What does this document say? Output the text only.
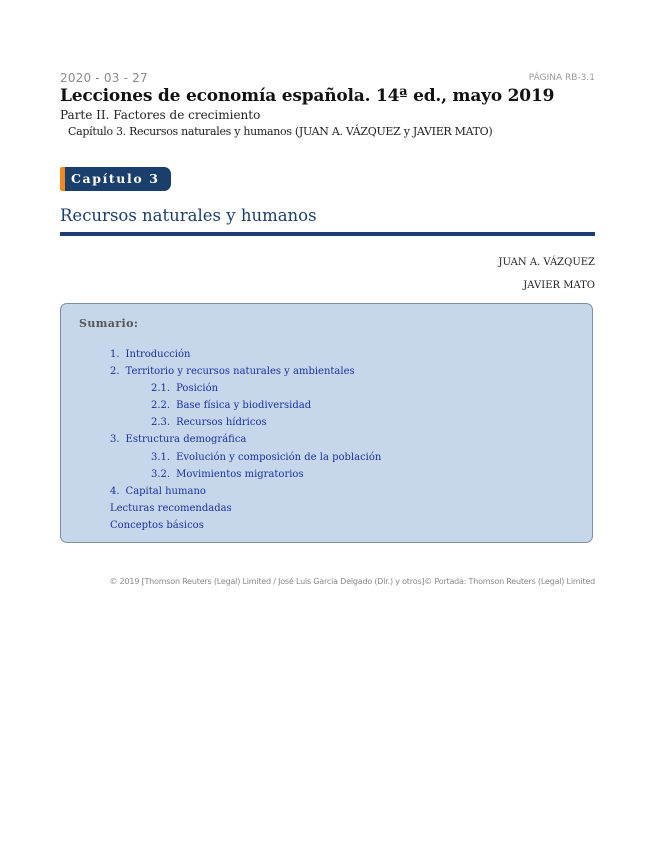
2020 - 03 - 27	PÁGINA RB-3.1
Lecciones de economía española. 14ª ed., mayo 2019
Parte II. Factores de crecimiento
Capítulo 3. Recursos naturales y humanos (JUAN A. VÁZQUEZ y JAVIER MATO)
Capítulo 3
Recursos naturales y humanos
JUAN A. VÁZQUEZ
JAVIER MATO
Sumario:
1. Introducción
2. Territorio y recursos naturales y ambientales
2.1. Posición
2.2. Base física y biodiversidad
2.3. Recursos hídricos
3. Estructura demográfica
3.1. Evolución y composición de la población
3.2. Movimientos migratorios
4. Capital humano
Lecturas recomendadas
Conceptos básicos
© 2019 [Thomson Reuters (Legal) Limited / José Luis García Delgado (Dir.) y otros]© Portada: Thomson Reuters (Legal) Limited
